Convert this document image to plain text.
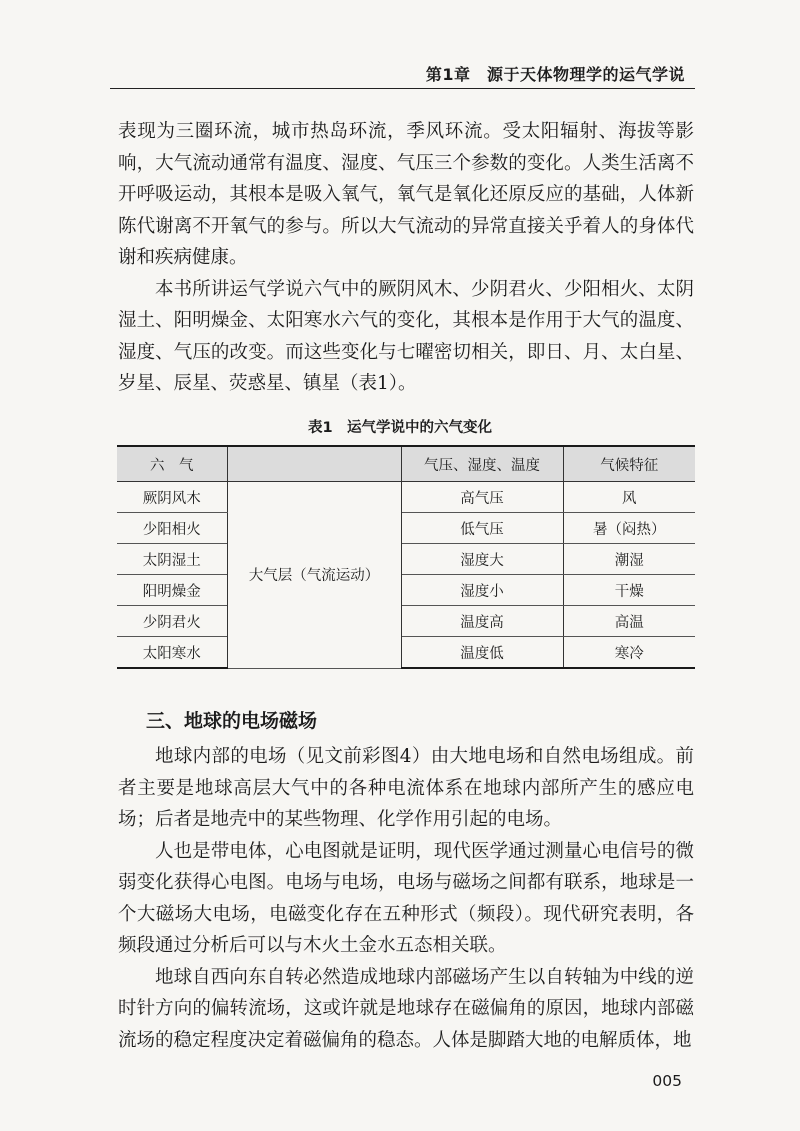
第1章　源于天体物理学的运气学说

表现为三圈环流，城市热岛环流，季风环流。受太阳辐射、海拔等影响，大气流动通常有温度、湿度、气压三个参数的变化。人类生活离不开呼吸运动，其根本是吸入氧气，氧气是氧化还原反应的基础，人体新陈代谢离不开氧气的参与。所以大气流动的异常直接关乎着人的身体代谢和疾病健康。

本书所讲运气学说六气中的厥阴风木、少阴君火、少阳相火、太阴湿土、阳明燥金、太阳寒水六气的变化，其根本是作用于大气的温度、湿度、气压的改变。而这些变化与七曜密切相关，即日、月、太白星、岁星、辰星、荧惑星、镇星（表1）。

表1　运气学说中的六气变化
六　气		气压、湿度、温度	气候特征
厥阴风木	大气层（气流运动）	高气压	风
少阳相火		低气压	暑（闷热）
太阴湿土		湿度大	潮湿
阳明燥金		湿度小	干燥
少阴君火		温度高	高温
太阳寒水		温度低	寒冷
三、地球的电场磁场

地球内部的电场（见文前彩图4）由大地电场和自然电场组成。前者主要是地球高层大气中的各种电流体系在地球内部所产生的感应电场；后者是地壳中的某些物理、化学作用引起的电场。

人也是带电体，心电图就是证明，现代医学通过测量心电信号的微弱变化获得心电图。电场与电场，电场与磁场之间都有联系，地球是一个大磁场大电场，电磁变化存在五种形式（频段）。现代研究表明，各频段通过分析后可以与木火土金水五态相关联。

地球自西向东自转必然造成地球内部磁场产生以自转轴为中线的逆时针方向的偏转流场，这或许就是地球存在磁偏角的原因，地球内部磁流场的稳定程度决定着磁偏角的稳态。人体是脚踏大地的电解质体，地

005
